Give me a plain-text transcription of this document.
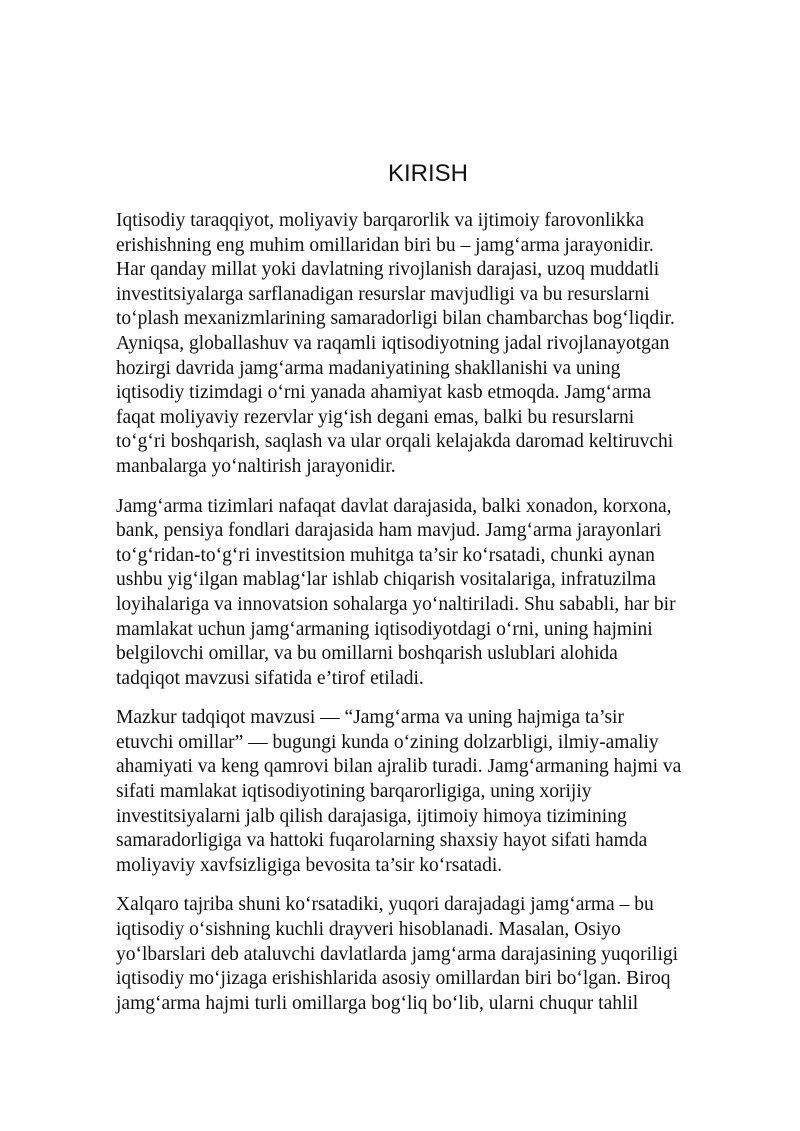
KIRISH
Iqtisodiy taraqqiyot, moliyaviy barqarorlik va ijtimoiy farovonlikka
erishishning eng muhim omillaridan biri bu – jamg‘arma jarayonidir.
Har qanday millat yoki davlatning rivojlanish darajasi, uzoq muddatli
investitsiyalarga sarflanadigan resurslar mavjudligi va bu resurslarni
to‘plash mexanizmlarining samaradorligi bilan chambarchas bog‘liqdir.
Ayniqsa, globallashuv va raqamli iqtisodiyotning jadal rivojlanayotgan
hozirgi davrida jamg‘arma madaniyatining shakllanishi va uning
iqtisodiy tizimdagi o‘rni yanada ahamiyat kasb etmoqda. Jamg‘arma
faqat moliyaviy rezervlar yig‘ish degani emas, balki bu resurslarni
to‘g‘ri boshqarish, saqlash va ular orqali kelajakda daromad keltiruvchi
manbalarga yo‘naltirish jarayonidir.
Jamg‘arma tizimlari nafaqat davlat darajasida, balki xonadon, korxona,
bank, pensiya fondlari darajasida ham mavjud. Jamg‘arma jarayonlari
to‘g‘ridan-to‘g‘ri investitsion muhitga ta’sir ko‘rsatadi, chunki aynan
ushbu yig‘ilgan mablag‘lar ishlab chiqarish vositalariga, infratuzilma
loyihalariga va innovatsion sohalarga yo‘naltiriladi. Shu sababli, har bir
mamlakat uchun jamg‘armaning iqtisodiyotdagi o‘rni, uning hajmini
belgilovchi omillar, va bu omillarni boshqarish uslublari alohida
tadqiqot mavzusi sifatida e’tirof etiladi.
Mazkur tadqiqot mavzusi — “Jamg‘arma va uning hajmiga ta’sir
etuvchi omillar” — bugungi kunda o‘zining dolzarbligi, ilmiy-amaliy
ahamiyati va keng qamrovi bilan ajralib turadi. Jamg‘armaning hajmi va
sifati mamlakat iqtisodiyotining barqarorligiga, uning xorijiy
investitsiyalarni jalb qilish darajasiga, ijtimoiy himoya tizimining
samaradorligiga va hattoki fuqarolarning shaxsiy hayot sifati hamda
moliyaviy xavfsizligiga bevosita ta’sir ko‘rsatadi.
Xalqaro tajriba shuni ko‘rsatadiki, yuqori darajadagi jamg‘arma – bu
iqtisodiy o‘sishning kuchli drayveri hisoblanadi. Masalan, Osiyo
yo‘lbarslari deb ataluvchi davlatlarda jamg‘arma darajasining yuqoriligi
iqtisodiy mo‘jizaga erishishlarida asosiy omillardan biri bo‘lgan. Biroq
jamg‘arma hajmi turli omillarga bog‘liq bo‘lib, ularni chuqur tahlil
